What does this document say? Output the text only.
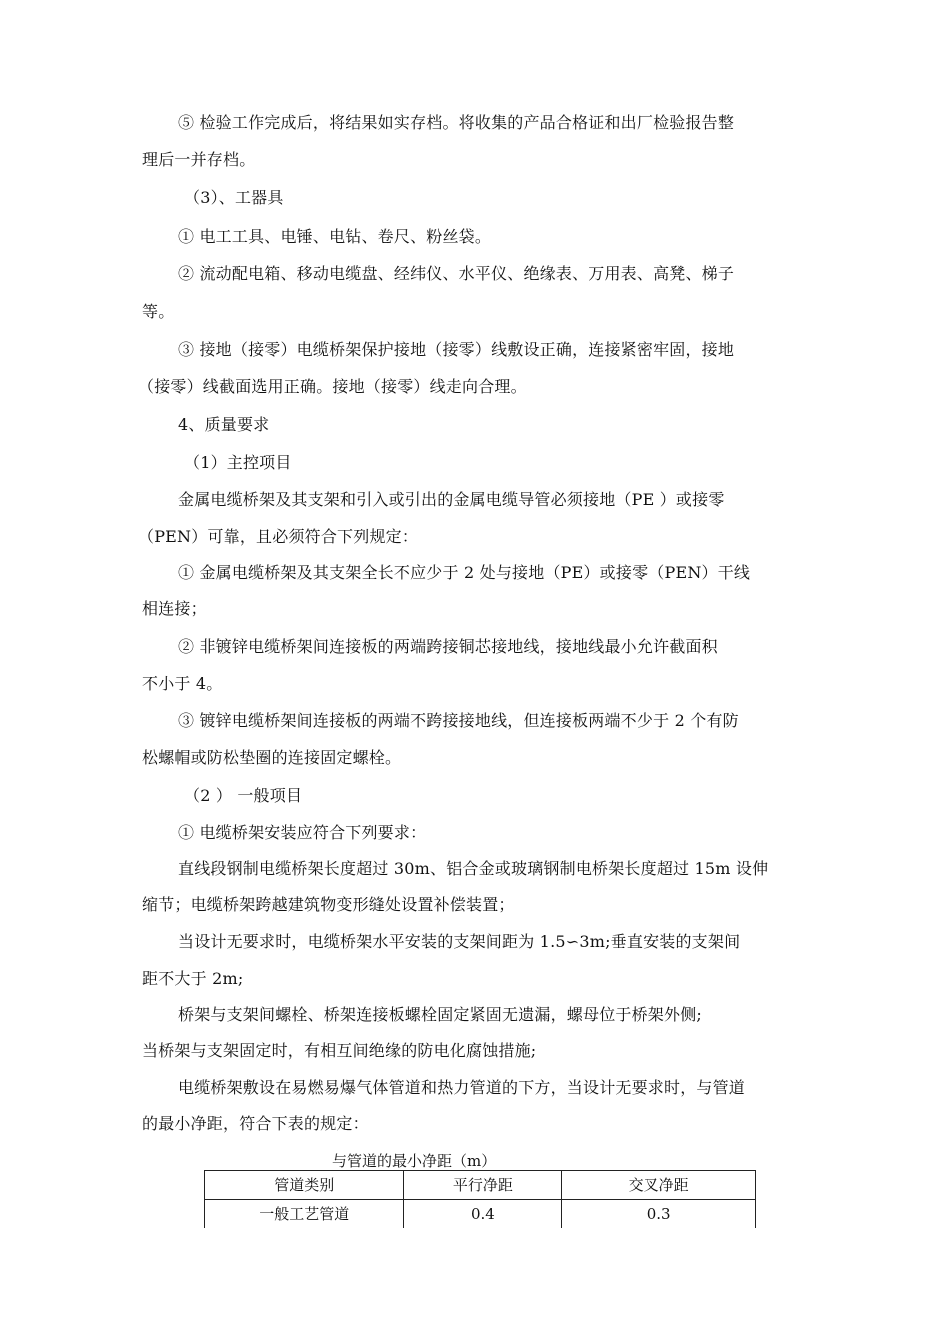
⑤ 检验工作完成后，将结果如实存档。将收集的产品合格证和出厂检验报告整
理后一并存档。
（3）、工器具
① 电工工具、电锤、电钻、卷尺、粉丝袋。
② 流动配电箱、移动电缆盘、经纬仪、水平仪、绝缘表、万用表、高凳、梯子
等。
③ 接地（接零）电缆桥架保护接地（接零）线敷设正确，连接紧密牢固，接地
（接零）线截面选用正确。接地（接零）线走向合理。
4、质量要求
（1）主控项目
金属电缆桥架及其支架和引入或引出的金属电缆导管必须接地（PE ）或接零
（PEN）可靠，且必须符合下列规定：
① 金属电缆桥架及其支架全长不应少于 2 处与接地（PE）或接零（PEN）干线
相连接；
② 非镀锌电缆桥架间连接板的两端跨接铜芯接地线，接地线最小允许截面积
不小于 4。
③ 镀锌电缆桥架间连接板的两端不跨接接地线，但连接板两端不少于 2 个有防
松螺帽或防松垫圈的连接固定螺栓。
（2 ） 一般项目
① 电缆桥架安装应符合下列要求：
直线段钢制电缆桥架长度超过 30m、铝合金或玻璃钢制电桥架长度超过 15m 设伸
缩节；电缆桥架跨越建筑物变形缝处设置补偿装置；
当设计无要求时，电缆桥架水平安装的支架间距为 1.5∽3m;垂直安装的支架间
距不大于 2m;
桥架与支架间螺栓、桥架连接板螺栓固定紧固无遗漏，螺母位于桥架外侧;
当桥架与支架固定时，有相互间绝缘的防电化腐蚀措施;
电缆桥架敷设在易燃易爆气体管道和热力管道的下方，当设计无要求时，与管道
的最小净距，符合下表的规定：
与管道的最小净距（m）
管道类别	平行净距	交叉净距
一般工艺管道	0.4	0.3
